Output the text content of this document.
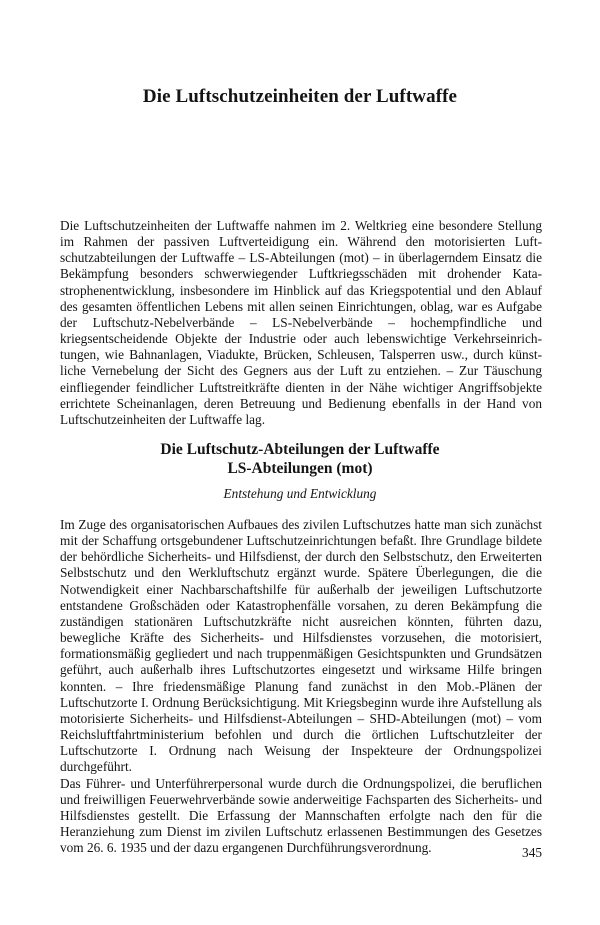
Die Luftschutzeinheiten der Luftwaffe

Die Luftschutzeinheiten der Luftwaffe nahmen im 2. Weltkrieg eine besondere Stellung im Rahmen der passiven Luftverteidigung ein. Während den motorisierten Luftschutzabteilungen der Luftwaffe – LS-Abteilungen (mot) – in überlagerndem Einsatz die Bekämpfung besonders schwerwiegender Luftkriegsschäden mit drohender Katastrophenentwicklung, insbesondere im Hinblick auf das Kriegspotential und den Ablauf des gesamten öffentlichen Lebens mit allen seinen Einrichtungen, oblag, war es Aufgabe der Luftschutz-Nebelverbände – LS-Nebelverbände – hochempfindliche und kriegsentscheidende Objekte der Industrie oder auch lebenswichtige Verkehrseinrichtungen, wie Bahnanlagen, Viadukte, Brücken, Schleusen, Talsperren usw., durch künstliche Vernebelung der Sicht des Gegners aus der Luft zu entziehen. – Zur Täuschung einfliegender feindlicher Luftstreitkräfte dienten in der Nähe wichtiger Angriffsobjekte errichtete Scheinanlagen, deren Betreuung und Bedienung ebenfalls in der Hand von Luftschutzeinheiten der Luftwaffe lag.

Die Luftschutz-Abteilungen der Luftwaffe
LS-Abteilungen (mot)

Entstehung und Entwicklung

Im Zuge des organisatorischen Aufbaues des zivilen Luftschutzes hatte man sich zunächst mit der Schaffung ortsgebundener Luftschutzeinrichtungen befaßt. Ihre Grundlage bildete der behördliche Sicherheits- und Hilfsdienst, der durch den Selbstschutz, den Erweiterten Selbstschutz und den Werkluftschutz ergänzt wurde. Spätere Überlegungen, die die Notwendigkeit einer Nachbarschaftshilfe für außerhalb der jeweiligen Luftschutzorte entstandene Großschäden oder Katastrophenfälle vorsahen, zu deren Bekämpfung die zuständigen stationären Luftschutzkräfte nicht ausreichen könnten, führten dazu, bewegliche Kräfte des Sicherheits- und Hilfsdienstes vorzusehen, die motorisiert, formationsmäßig gegliedert und nach truppenmäßigen Gesichtspunkten und Grundsätzen geführt, auch außerhalb ihres Luftschutzortes eingesetzt und wirksame Hilfe bringen konnten. – Ihre friedensmäßige Planung fand zunächst in den Mob.-Plänen der Luftschutzorte I. Ordnung Berücksichtigung. Mit Kriegsbeginn wurde ihre Aufstellung als motorisierte Sicherheits- und Hilfsdienst-Abteilungen – SHD-Abteilungen (mot) – vom Reichsluftfahrtministerium befohlen und durch die örtlichen Luftschutzleiter der Luftschutzorte I. Ordnung nach Weisung der Inspekteure der Ordnungspolizei durchgeführt.

Das Führer- und Unterführerpersonal wurde durch die Ordnungspolizei, die beruflichen und freiwilligen Feuerwehrverbände sowie anderweitige Fachsparten des Sicherheits- und Hilfsdienstes gestellt. Die Erfassung der Mannschaften erfolgte nach den für die Heranziehung zum Dienst im zivilen Luftschutz erlassenen Bestimmungen des Gesetzes vom 26. 6. 1935 und der dazu ergangenen Durchführungsverordnung.	345
